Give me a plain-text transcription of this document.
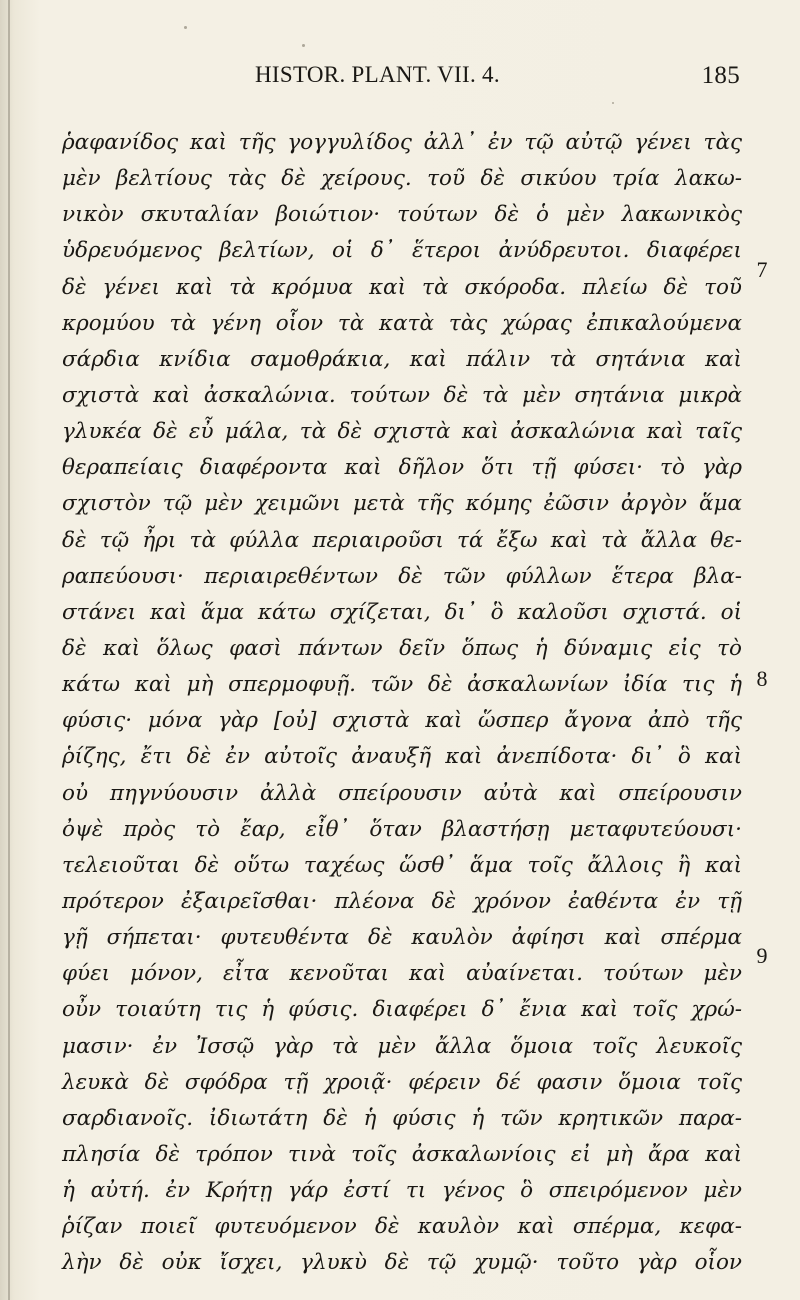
HISTOR. PLANT. VII. 4.	185
ῥαφανίδος καὶ τῆς γογγυλίδος ἀλλ᾽ ἐν τῷ αὐτῷ γένει τὰς
μὲν βελτίους τὰς δὲ χείρους. τοῦ δὲ σικύου τρία λακω-
νικὸν σκυταλίαν βοιώτιον· τούτων δὲ ὁ μὲν λακωνικὸς
ὑδρευόμενος βελτίων, οἱ δ᾽ ἕτεροι ἀνύδρευτοι. διαφέρει
δὲ γένει καὶ τὰ κρόμυα καὶ τὰ σκόροδα. πλείω δὲ τοῦ
κρομύου τὰ γένη οἷον τὰ κατὰ τὰς χώρας ἐπικαλούμενα
σάρδια κνίδια σαμοθράκια, καὶ πάλιν τὰ σητάνια καὶ
σχιστὰ καὶ ἀσκαλώνια. τούτων δὲ τὰ μὲν σητάνια μικρὰ
γλυκέα δὲ εὖ μάλα, τὰ δὲ σχιστὰ καὶ ἀσκαλώνια καὶ ταῖς
θεραπείαις διαφέροντα καὶ δῆλον ὅτι τῇ φύσει· τὸ γὰρ
σχιστὸν τῷ μὲν χειμῶνι μετὰ τῆς κόμης ἐῶσιν ἀργὸν ἅμα
δὲ τῷ ἦρι τὰ φύλλα περιαιροῦσι τά ἔξω καὶ τὰ ἄλλα θε-
ραπεύουσι· περιαιρεθέντων δὲ τῶν φύλλων ἕτερα βλα-
στάνει καὶ ἅμα κάτω σχίζεται, δι᾽ ὃ καλοῦσι σχιστά. οἱ
δὲ καὶ ὅλως φασὶ πάντων δεῖν ὅπως ἡ δύναμις εἰς τὸ
κάτω καὶ μὴ σπερμοφυῇ. τῶν δὲ ἀσκαλωνίων ἰδία τις ἡ
φύσις· μόνα γὰρ [οὐ] σχιστὰ καὶ ὥσπερ ἄγονα ἀπὸ τῆς
ῥίζης, ἔτι δὲ ἐν αὐτοῖς ἀναυξῆ καὶ ἀνεπίδοτα· δι᾽ ὃ καὶ
οὐ πηγνύουσιν ἀλλὰ σπείρουσιν αὐτὰ καὶ σπείρουσιν
ὀψὲ πρὸς τὸ ἔαρ, εἶθ᾽ ὅταν βλαστήσῃ μεταφυτεύουσι·
τελειοῦται δὲ οὕτω ταχέως ὥσθ᾽ ἅμα τοῖς ἄλλοις ἢ καὶ
πρότερον ἐξαιρεῖσθαι· πλέονα δὲ χρόνον ἐαθέντα ἐν τῇ
γῇ σήπεται· φυτευθέντα δὲ καυλὸν ἀφίησι καὶ σπέρμα
φύει μόνον, εἶτα κενοῦται καὶ αὐαίνεται. τούτων μὲν
οὖν τοιαύτη τις ἡ φύσις. διαφέρει δ᾽ ἔνια καὶ τοῖς χρώ-
μασιν· ἐν Ἰσσῷ γὰρ τὰ μὲν ἄλλα ὅμοια τοῖς λευκοῖς
λευκὰ δὲ σφόδρα τῇ χροιᾷ· φέρειν δέ φασιν ὅμοια τοῖς
σαρδιανοῖς. ἰδιωτάτη δὲ ἡ φύσις ἡ τῶν κρητικῶν παρα-
πλησία δὲ τρόπον τινὰ τοῖς ἀσκαλωνίοις εἰ μὴ ἄρα καὶ
ἡ αὐτή. ἐν Κρήτῃ γάρ ἐστί τι γένος ὃ σπειρόμενον μὲν
ῥίζαν ποιεῖ φυτευόμενον δὲ καυλὸν καὶ σπέρμα, κεφα-
λὴν δὲ οὐκ ἴσχει, γλυκὺ δὲ τῷ χυμῷ· τοῦτο γὰρ οἷον
7
8
9
